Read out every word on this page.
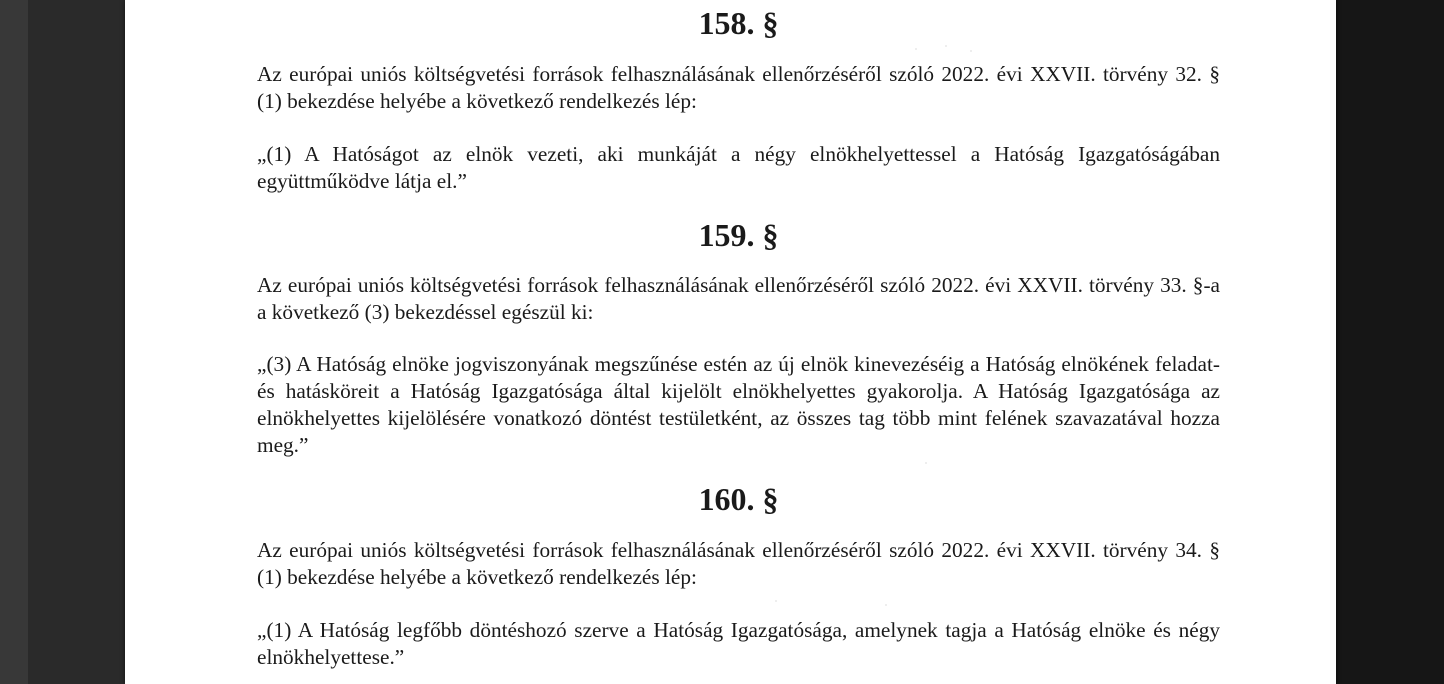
158. §

Az európai uniós költségvetési források felhasználásának ellenőrzéséről szóló 2022. évi XXVII. törvény 32. § (1) bekezdése helyébe a következő rendelkezés lép:

„(1) A Hatóságot az elnök vezeti, aki munkáját a négy elnökhelyettessel a Hatóság Igazgatóságában együttműködve látja el.”

159. §

Az európai uniós költségvetési források felhasználásának ellenőrzéséről szóló 2022. évi XXVII. törvény 33. §-a a következő (3) bekezdéssel egészül ki:

„(3) A Hatóság elnöke jogviszonyának megszűnése estén az új elnök kinevezéséig a Hatóság elnökének feladat- és hatásköreit a Hatóság Igazgatósága által kijelölt elnökhelyettes gyakorolja. A Hatóság Igazgatósága az elnökhelyettes kijelölésére vonatkozó döntést testületként, az összes tag több mint felének szavazatával hozza meg.”

160. §

Az európai uniós költségvetési források felhasználásának ellenőrzéséről szóló 2022. évi XXVII. törvény 34. § (1) bekezdése helyébe a következő rendelkezés lép:

„(1) A Hatóság legfőbb döntéshozó szerve a Hatóság Igazgatósága, amelynek tagja a Hatóság elnöke és négy elnökhelyettese.”
